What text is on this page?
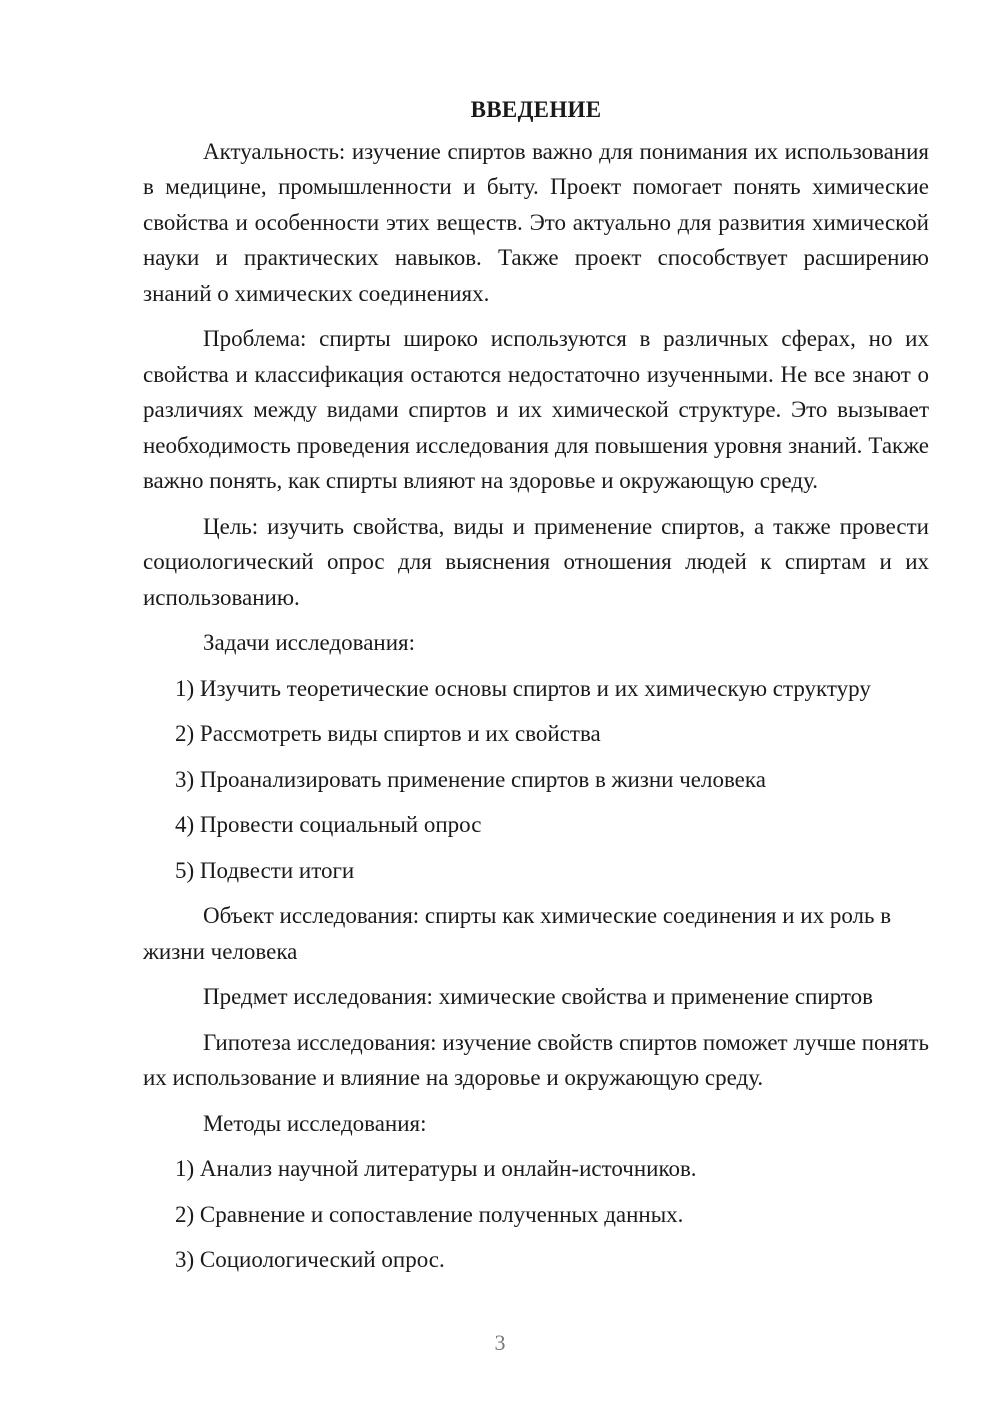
ВВЕДЕНИЕ

Актуальность: изучение спиртов важно для понимания их использования в медицине, промышленности и быту. Проект помогает понять химические свойства и особенности этих веществ. Это актуально для развития химической науки и практических навыков. Также проект способствует расширению знаний о химических соединениях.

Проблема: спирты широко используются в различных сферах, но их свойства и классификация остаются недостаточно изученными. Не все знают о различиях между видами спиртов и их химической структуре. Это вызывает необходимость проведения исследования для повышения уровня знаний. Также важно понять, как спирты влияют на здоровье и окружающую среду.

Цель: изучить свойства, виды и применение спиртов, а также провести социологический опрос для выяснения отношения людей к спиртам и их использованию.

Задачи исследования:

1) Изучить теоретические основы спиртов и их химическую структуру

2) Рассмотреть виды спиртов и их свойства

3) Проанализировать применение спиртов в жизни человека

4) Провести социальный опрос

5) Подвести итоги

Объект исследования: спирты как химические соединения и их роль в жизни человека

Предмет исследования: химические свойства и применение спиртов

Гипотеза исследования: изучение свойств спиртов поможет лучше понять их использование и влияние на здоровье и окружающую среду.

Методы исследования:

1) Анализ научной литературы и онлайн-источников.

2) Сравнение и сопоставление полученных данных.

3) Социологический опрос.

3
